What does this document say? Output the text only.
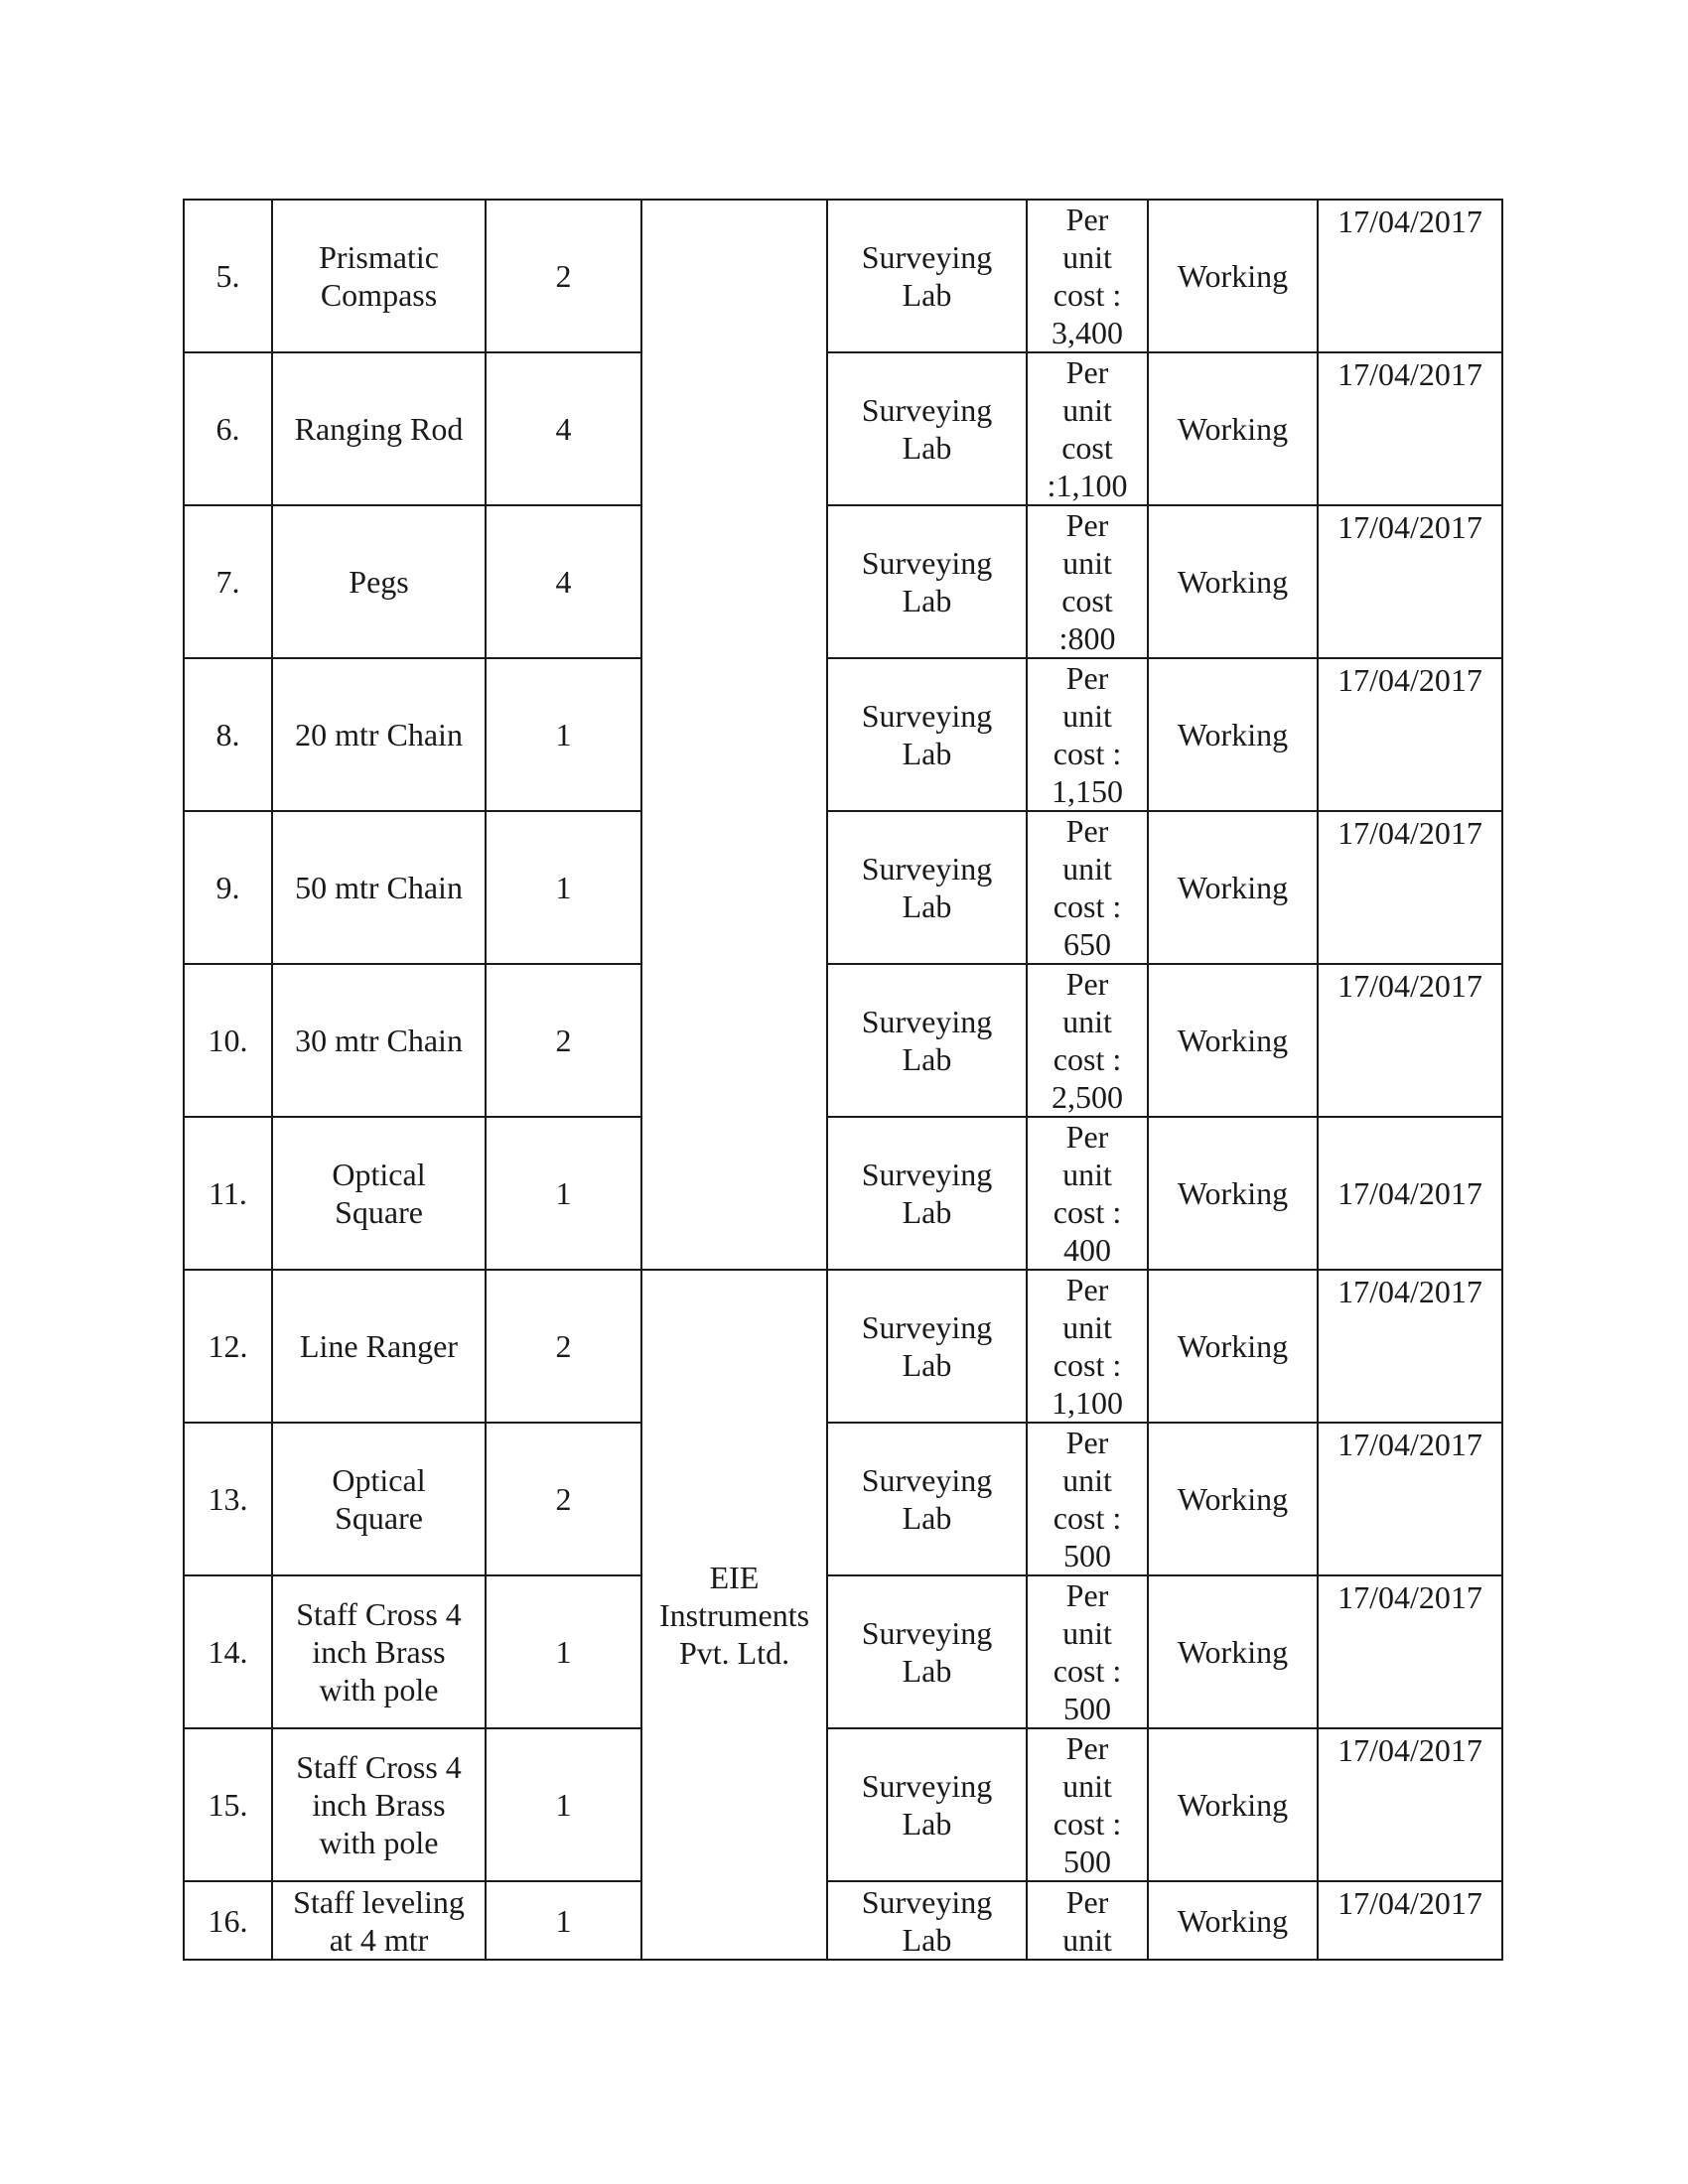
5.	Prismatic
Compass	2		Surveying
Lab	Per
unit
cost :
3,400	Working	17/04/2017
6.	Ranging Rod	4		Surveying
Lab	Per
unit
cost
:1,100	Working	17/04/2017
7.	Pegs	4		Surveying
Lab	Per
unit
cost
:800	Working	17/04/2017
8.	20 mtr Chain	1		Surveying
Lab	Per
unit
cost :
1,150	Working	17/04/2017
9.	50 mtr Chain	1		Surveying
Lab	Per
unit
cost :
650	Working	17/04/2017
10.	30 mtr Chain	2		Surveying
Lab	Per
unit
cost :
2,500	Working	17/04/2017
11.	Optical
Square	1		Surveying
Lab	Per
unit
cost :
400	Working	17/04/2017
12.	Line Ranger	2	EIE
Instruments
Pvt. Ltd.	Surveying
Lab	Per
unit
cost :
1,100	Working	17/04/2017
13.	Optical
Square	2		Surveying
Lab	Per
unit
cost :
500	Working	17/04/2017
14.	Staff Cross 4
inch Brass
with pole	1		Surveying
Lab	Per
unit
cost :
500	Working	17/04/2017
15.	Staff Cross 4
inch Brass
with pole	1		Surveying
Lab	Per
unit
cost :
500	Working	17/04/2017
16.	Staff leveling
at 4 mtr	1		Surveying
Lab	Per
unit	Working	17/04/2017
